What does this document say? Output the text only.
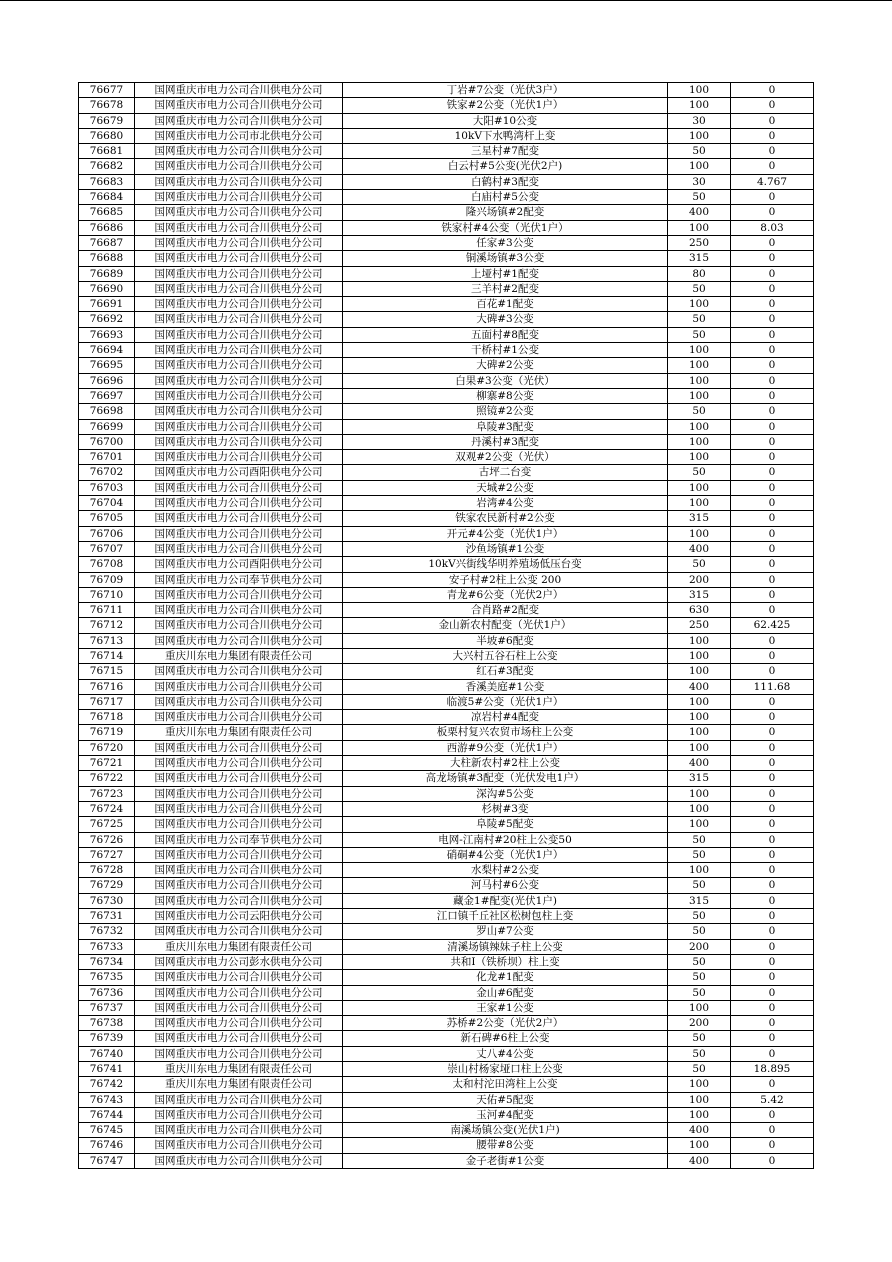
76677	国网重庆市电力公司合川供电分公司	丁岩#7公变（光伏3户）	100	0
76678	国网重庆市电力公司合川供电分公司	铁家#2公变（光伏1户）	100	0
76679	国网重庆市电力公司合川供电分公司	大阳#10公变	30	0
76680	国网重庆市电力公司市北供电分公司	10kV下水鸭湾杆上变	100	0
76681	国网重庆市电力公司合川供电分公司	三星村#7配变	50	0
76682	国网重庆市电力公司合川供电分公司	白云村#5公变(光伏2户)	100	0
76683	国网重庆市电力公司合川供电分公司	白鹤村#3配变	30	4.767
76684	国网重庆市电力公司合川供电分公司	白庙村#5公变	50	0
76685	国网重庆市电力公司合川供电分公司	隆兴场镇#2配变	400	0
76686	国网重庆市电力公司合川供电分公司	铁家村#4公变（光伏1户）	100	8.03
76687	国网重庆市电力公司合川供电分公司	任家#3公变	250	0
76688	国网重庆市电力公司合川供电分公司	铜溪场镇#3公变	315	0
76689	国网重庆市电力公司合川供电分公司	上垭村#1配变	80	0
76690	国网重庆市电力公司合川供电分公司	三羊村#2配变	50	0
76691	国网重庆市电力公司合川供电分公司	百花#1配变	100	0
76692	国网重庆市电力公司合川供电分公司	大碑#3公变	50	0
76693	国网重庆市电力公司合川供电分公司	五面村#8配变	50	0
76694	国网重庆市电力公司合川供电分公司	干桥村#1公变	100	0
76695	国网重庆市电力公司合川供电分公司	大碑#2公变	100	0
76696	国网重庆市电力公司合川供电分公司	白果#3公变（光伏）	100	0
76697	国网重庆市电力公司合川供电分公司	柳寨#8公变	100	0
76698	国网重庆市电力公司合川供电分公司	照镜#2公变	50	0
76699	国网重庆市电力公司合川供电分公司	阜陵#3配变	100	0
76700	国网重庆市电力公司合川供电分公司	丹溪村#3配变	100	0
76701	国网重庆市电力公司合川供电分公司	双观#2公变（光伏）	100	0
76702	国网重庆市电力公司酉阳供电分公司	古坪二台变	50	0
76703	国网重庆市电力公司合川供电分公司	天城#2公变	100	0
76704	国网重庆市电力公司合川供电分公司	岩湾#4公变	100	0
76705	国网重庆市电力公司合川供电分公司	铁家农民新村#2公变	315	0
76706	国网重庆市电力公司合川供电分公司	开元#4公变（光伏1户）	100	0
76707	国网重庆市电力公司合川供电分公司	沙鱼场镇#1公变	400	0
76708	国网重庆市电力公司酉阳供电分公司	10kV兴街线华明养殖场低压台变	50	0
76709	国网重庆市电力公司奉节供电分公司	安子村#2柱上公变 200	200	0
76710	国网重庆市电力公司合川供电分公司	青龙#6公变（光伏2户）	315	0
76711	国网重庆市电力公司合川供电分公司	合肖路#2配变	630	0
76712	国网重庆市电力公司合川供电分公司	金山新农村配变（光伏1户）	250	62.425
76713	国网重庆市电力公司合川供电分公司	半坡#6配变	100	0
76714	重庆川东电力集团有限责任公司	大兴村五谷石柱上公变	100	0
76715	国网重庆市电力公司合川供电分公司	红石#3配变	100	0
76716	国网重庆市电力公司合川供电分公司	香溪美庭#1公变	400	111.68
76717	国网重庆市电力公司合川供电分公司	临渡5#公变（光伏1户）	100	0
76718	国网重庆市电力公司合川供电分公司	凉岩村#4配变	100	0
76719	重庆川东电力集团有限责任公司	板栗村复兴农贸市场柱上公变	100	0
76720	国网重庆市电力公司合川供电分公司	西游#9公变（光伏1户）	100	0
76721	国网重庆市电力公司合川供电分公司	大柱新农村#2柱上公变	400	0
76722	国网重庆市电力公司合川供电分公司	高龙场镇#3配变（光伏发电1户）	315	0
76723	国网重庆市电力公司合川供电分公司	深沟#5公变	100	0
76724	国网重庆市电力公司合川供电分公司	杉树#3变	100	0
76725	国网重庆市电力公司合川供电分公司	阜陵#5配变	100	0
76726	国网重庆市电力公司奉节供电分公司	电网-江南村#20柱上公变50	50	0
76727	国网重庆市电力公司合川供电分公司	硝硐#4公变（光伏1户）	50	0
76728	国网重庆市电力公司合川供电分公司	水梨村#2公变	100	0
76729	国网重庆市电力公司合川供电分公司	河马村#6公变	50	0
76730	国网重庆市电力公司合川供电分公司	藏金1#配变(光伏1户)	315	0
76731	国网重庆市电力公司云阳供电分公司	江口镇千丘社区松树包柱上变	50	0
76732	国网重庆市电力公司合川供电分公司	罗山#7公变	50	0
76733	重庆川东电力集团有限责任公司	清溪场镇辣妹子柱上公变	200	0
76734	国网重庆市电力公司彭水供电分公司	共和I（铁桥坝）柱上变	50	0
76735	国网重庆市电力公司合川供电分公司	化龙#1配变	50	0
76736	国网重庆市电力公司合川供电分公司	金山#6配变	50	0
76737	国网重庆市电力公司合川供电分公司	王家#1公变	100	0
76738	国网重庆市电力公司合川供电分公司	苏桥#2公变（光伏2户）	200	0
76739	国网重庆市电力公司合川供电分公司	新石碑#6柱上公变	50	0
76740	国网重庆市电力公司合川供电分公司	丈八#4公变	50	0
76741	重庆川东电力集团有限责任公司	崇山村杨家垭口柱上公变	50	18.895
76742	重庆川东电力集团有限责任公司	太和村沱田湾柱上公变	100	0
76743	国网重庆市电力公司合川供电分公司	天佑#5配变	100	5.42
76744	国网重庆市电力公司合川供电分公司	玉河#4配变	100	0
76745	国网重庆市电力公司合川供电分公司	南溪场镇公变(光伏1户)	400	0
76746	国网重庆市电力公司合川供电分公司	腰带#8公变	100	0
76747	国网重庆市电力公司合川供电分公司	金子老街#1公变	400	0
